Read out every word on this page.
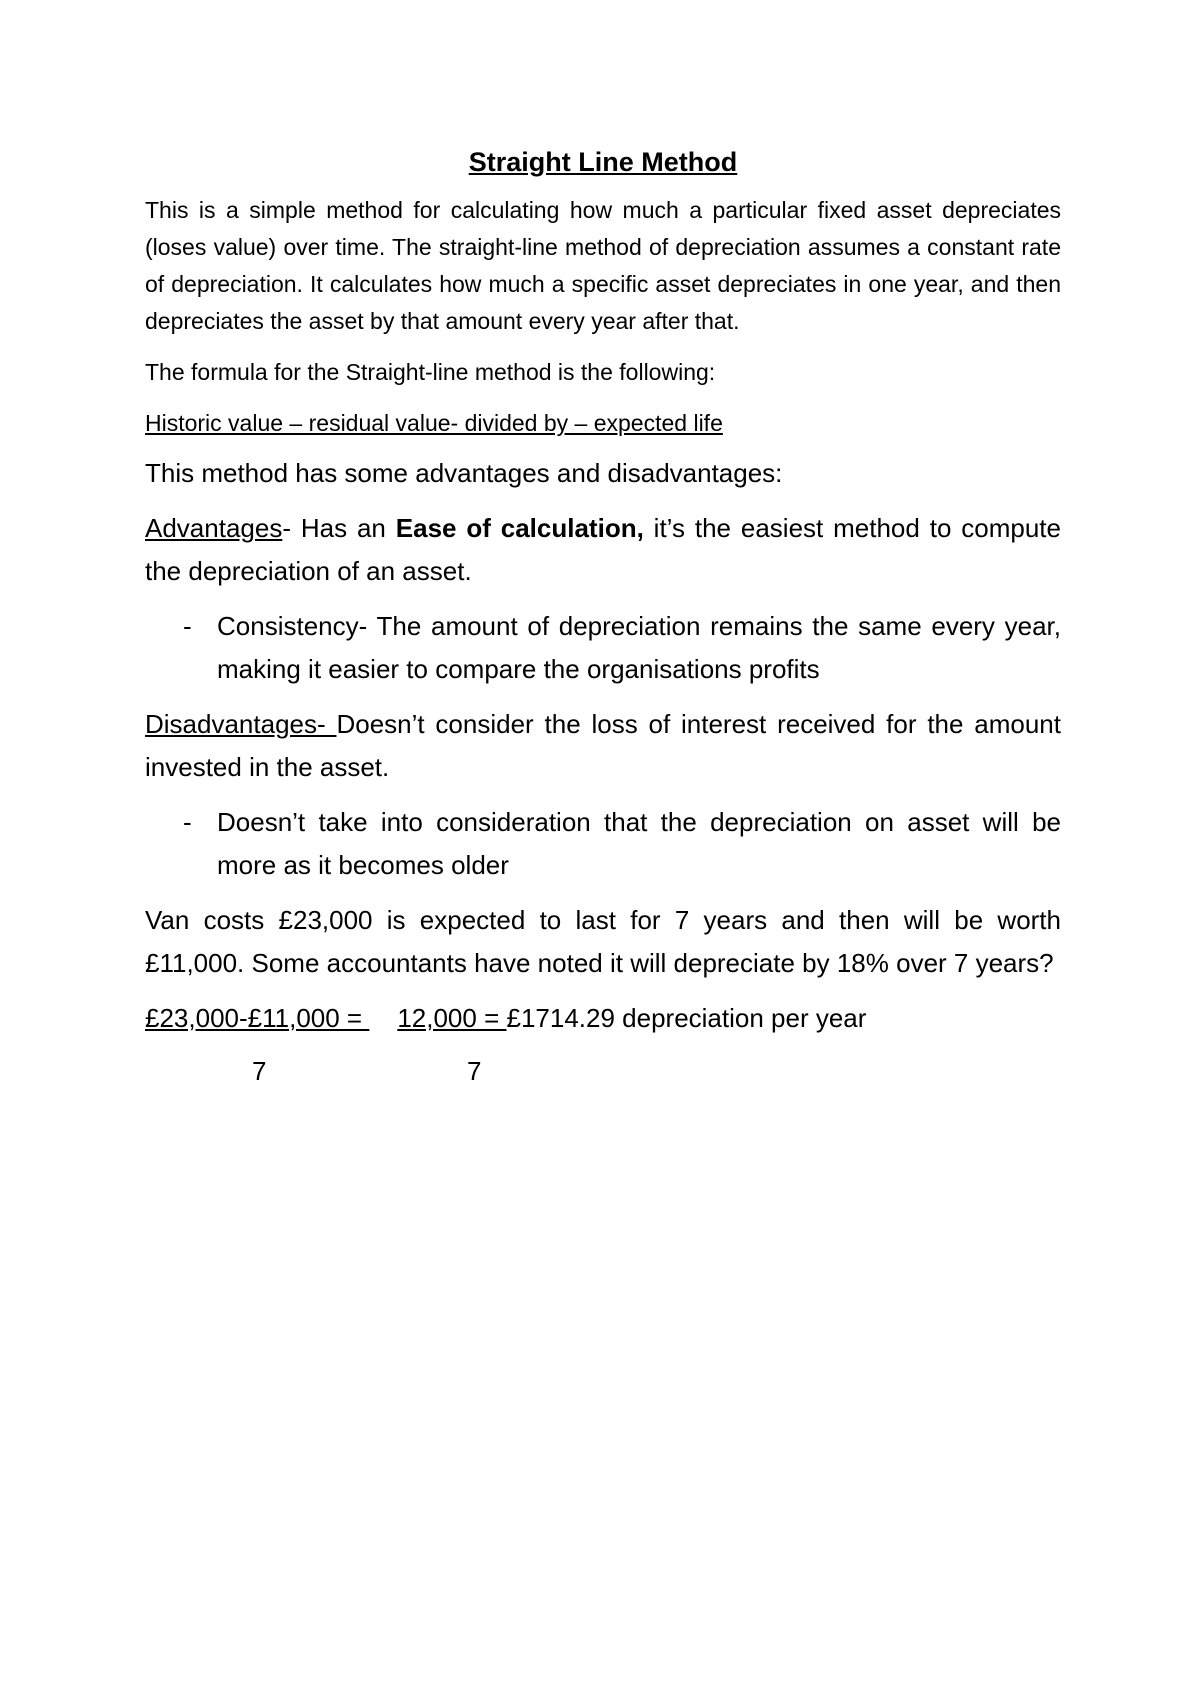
Straight Line Method

This is a simple method for calculating how much a particular fixed asset depreciates (loses value) over time. The straight-line method of depreciation assumes a constant rate of depreciation. It calculates how much a specific asset depreciates in one year, and then depreciates the asset by that amount every year after that.

The formula for the Straight-line method is the following:

Historic value – residual value- divided by – expected life

This method has some advantages and disadvantages:

Advantages- Has an Ease of calculation, it’s the easiest method to compute the depreciation of an asset.

- Consistency- The amount of depreciation remains the same every year, making it easier to compare the organisations profits

Disadvantages- Doesn’t consider the loss of interest received for the amount invested in the asset.

- Doesn’t take into consideration that the depreciation on asset will be more as it becomes older

Van costs £23,000 is expected to last for 7 years and then will be worth £11,000. Some accountants have noted it will depreciate by 18% over 7 years?

£23,000-£11,000 = 12,000 = £1714.29 depreciation per year

7	7
